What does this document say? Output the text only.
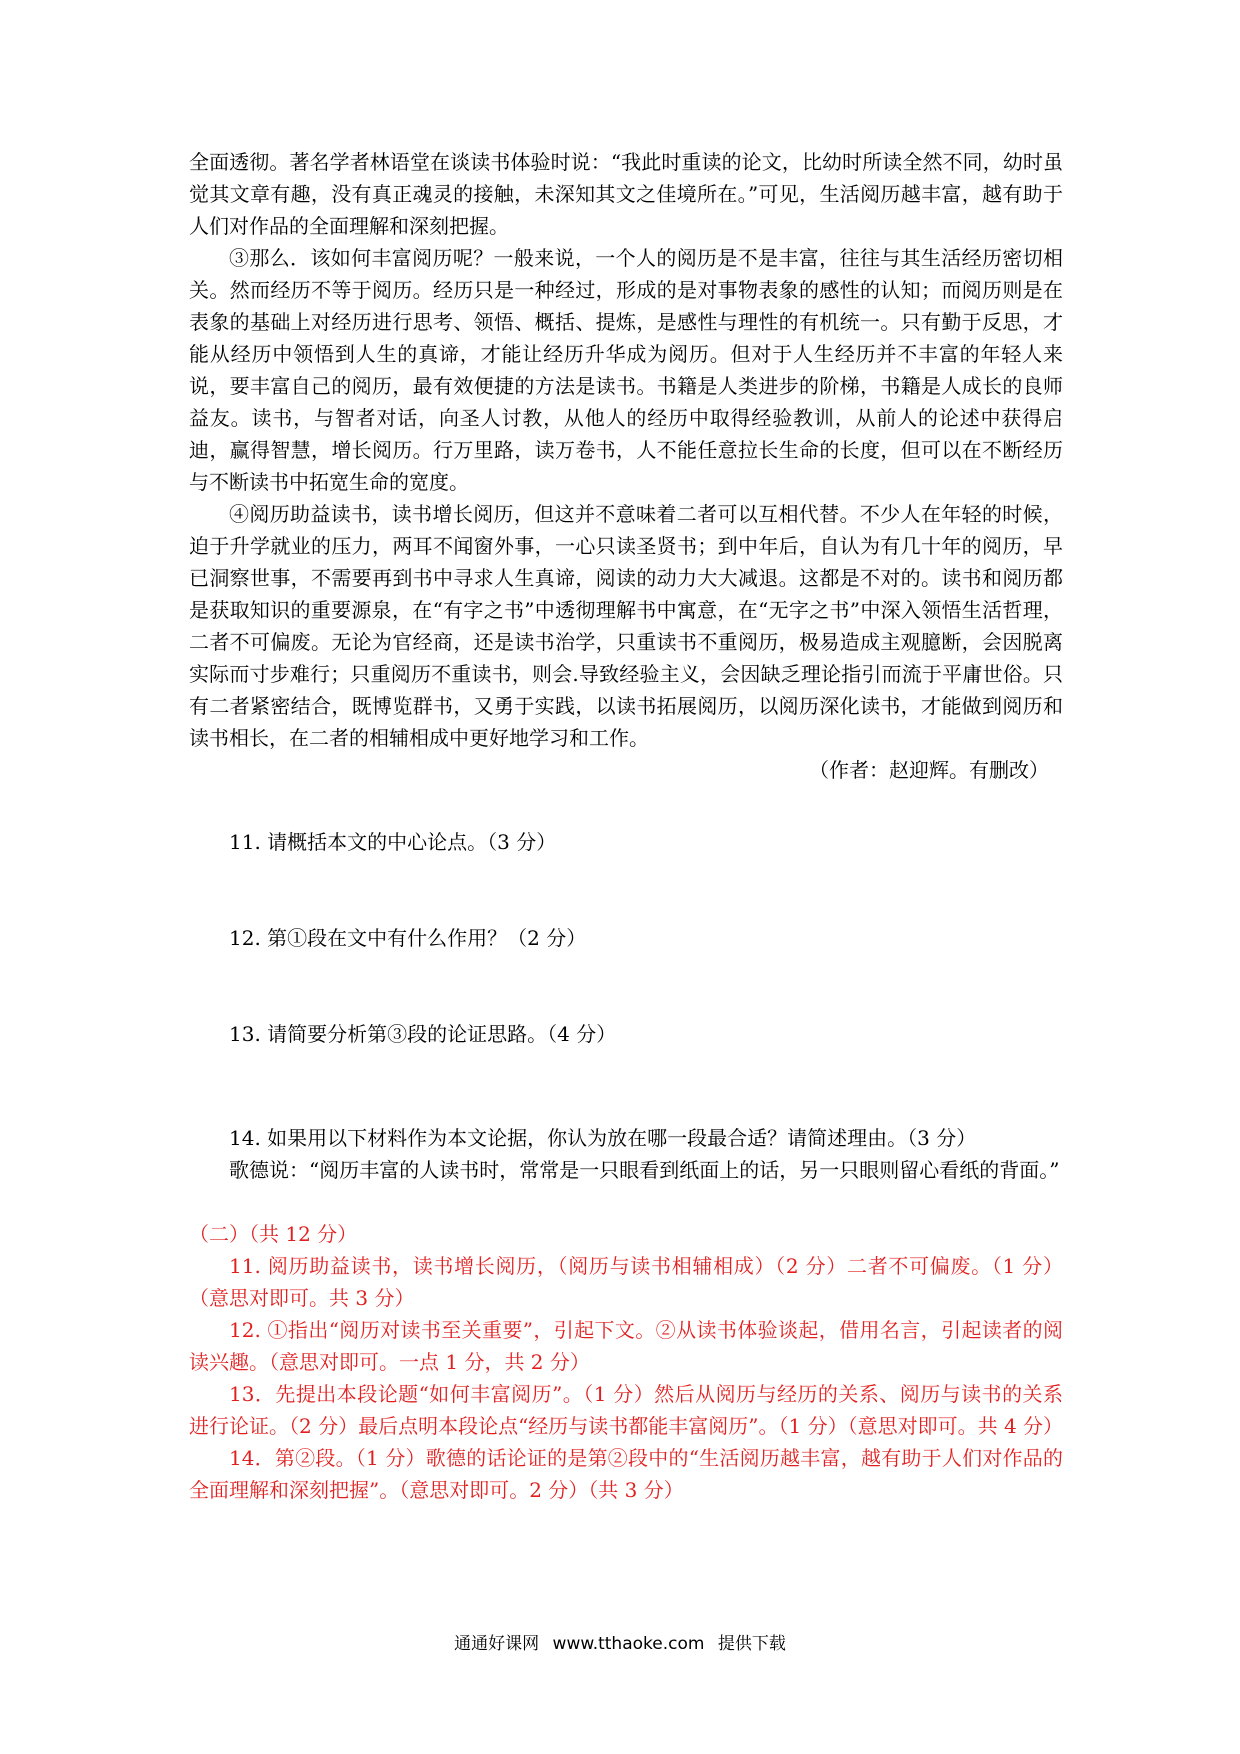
全面透彻。著名学者林语堂在谈读书体验时说：“我此时重读的论文，比幼时所读全然不同，幼时虽觉其文章有趣，没有真正魂灵的接触，未深知其文之佳境所在。”可见，生活阅历越丰富，越有助于人们对作品的全面理解和深刻把握。

③那么．该如何丰富阅历呢？一般来说，一个人的阅历是不是丰富，往往与其生活经历密切相关。然而经历不等于阅历。经历只是一种经过，形成的是对事物表象的感性的认知；而阅历则是在表象的基础上对经历进行思考、领悟、概括、提炼，是感性与理性的有机统一。只有勤于反思，才能从经历中领悟到人生的真谛，才能让经历升华成为阅历。但对于人生经历并不丰富的年轻人来说，要丰富自己的阅历，最有效便捷的方法是读书。书籍是人类进步的阶梯，书籍是人成长的良师益友。读书，与智者对话，向圣人讨教，从他人的经历中取得经验教训，从前人的论述中获得启迪，赢得智慧，增长阅历。行万里路，读万卷书，人不能任意拉长生命的长度，但可以在不断经历与不断读书中拓宽生命的宽度。

④阅历助益读书，读书增长阅历，但这并不意味着二者可以互相代替。不少人在年轻的时候，迫于升学就业的压力，两耳不闻窗外事，一心只读圣贤书；到中年后，自认为有几十年的阅历，早已洞察世事，不需要再到书中寻求人生真谛，阅读的动力大大减退。这都是不对的。读书和阅历都是获取知识的重要源泉，在“有字之书”中透彻理解书中寓意，在“无字之书”中深入领悟生活哲理，二者不可偏废。无论为官经商，还是读书治学，只重读书不重阅历，极易造成主观臆断，会因脱离实际而寸步难行；只重阅历不重读书，则会.导致经验主义，会因缺乏理论指引而流于平庸世俗。只有二者紧密结合，既博览群书，又勇于实践，以读书拓展阅历，以阅历深化读书，才能做到阅历和读书相长，在二者的相辅相成中更好地学习和工作。

（作者：赵迎辉。有删改）

11. 请概括本文的中心论点。（3 分）

12. 第①段在文中有什么作用？（2 分）

13. 请简要分析第③段的论证思路。（4 分）

14. 如果用以下材料作为本文论据，你认为放在哪一段最合适？请简述理由。（3 分）

歌德说：“阅历丰富的人读书时，常常是一只眼看到纸面上的话，另一只眼则留心看纸的背面。”

（二）（共 12 分）

11. 阅历助益读书，读书增长阅历，（阅历与读书相辅相成）（2 分）二者不可偏废。（1 分）（意思对即可。共 3 分）

12. ①指出“阅历对读书至关重要”，引起下文。②从读书体验谈起，借用名言，引起读者的阅读兴趣。（意思对即可。一点 1 分，共 2 分）

13．先提出本段论题“如何丰富阅历”。（1 分）然后从阅历与经历的关系、阅历与读书的关系进行论证。（2 分）最后点明本段论点“经历与读书都能丰富阅历”。（1 分）（意思对即可。共 4 分）

14．第②段。（1 分）歌德的话论证的是第②段中的“生活阅历越丰富，越有助于人们对作品的全面理解和深刻把握”。（意思对即可。2 分）（共 3 分）

通通好课网 www.tthaoke.com 提供下载
